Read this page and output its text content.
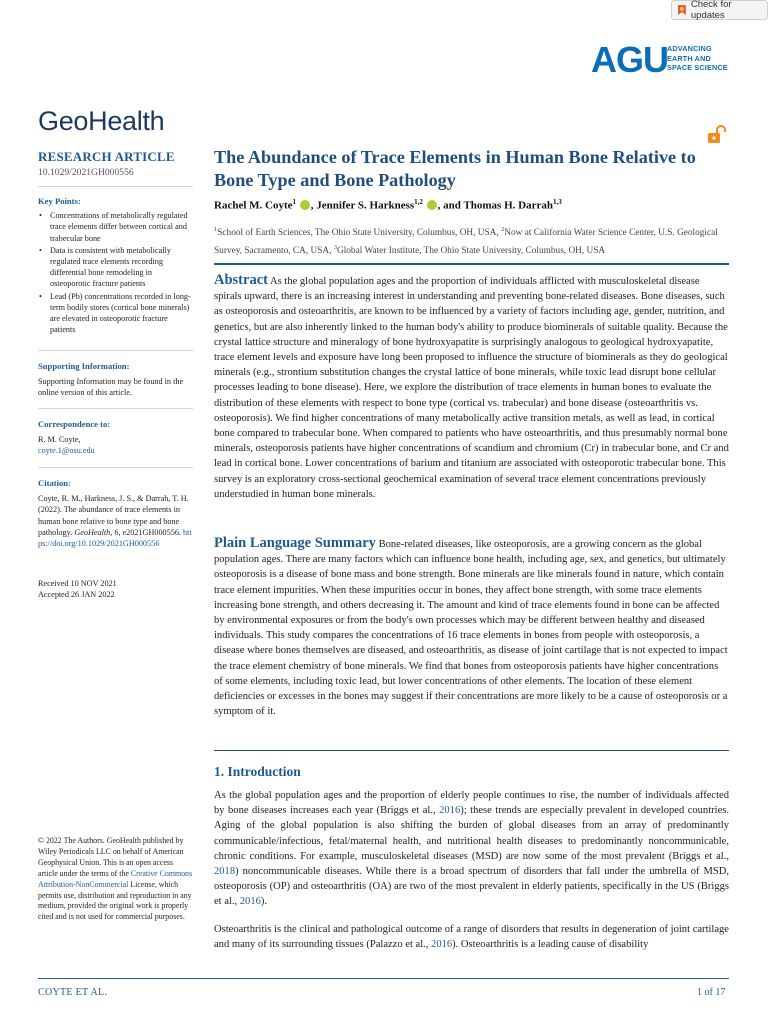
Check for updates
AGU ADVANCING
EARTH AND
SPACE SCIENCE
GeoHealth
RESEARCH ARTICLE
10.1029/2021GH000556
Key Points:
• Concentrations of metabolically regulated trace elements differ between cortical and trabecular bone
• Data is consistent with metabolically regulated trace elements recording differential bone remodeling in osteoporotic fracture patients
• Lead (Pb) concentrations recorded in long-term bodily stores (cortical bone minerals) are elevated in osteoporotic fracture patients
Supporting Information:
Supporting Information may be found in the online version of this article.
Correspondence to:
R. M. Coyte,
coyte.1@osu.edu
Citation:
Coyte, R. M., Harkness, J. S., & Darrah, T. H. (2022). The abundance of trace elements in human bone relative to bone type and bone pathology. GeoHealth, 6, e2021GH000556. https://doi.org/10.1029/2021GH000556
Received 10 NOV 2021
Accepted 26 JAN 2022
© 2022 The Authors. GeoHealth published by Wiley Periodicals LLC on behalf of American Geophysical Union. This is an open access article under the terms of the Creative Commons Attribution-NonCommercial License, which permits use, distribution and reproduction in any medium, provided the original work is properly cited and is not used for commercial purposes.
The Abundance of Trace Elements in Human Bone Relative to Bone Type and Bone Pathology
Rachel M. Coyte$^1$ , Jennifer S. Harkness$^{1,2}$ , and Thomas H. Darrah$^{1,3}$
$^1$School of Earth Sciences, The Ohio State University, Columbus, OH, USA, $^2$Now at California Water Science Center, U.S. Geological Survey, Sacramento, CA, USA, $^3$Global Water Institute, The Ohio State University, Columbus, OH, USA
Abstract As the global population ages and the proportion of individuals afflicted with musculoskeletal disease spirals upward, there is an increasing interest in understanding and preventing bone-related diseases. Bone diseases, such as osteoporosis and osteoarthritis, are known to be influenced by a variety of factors including age, gender, nutrition, and genetics, but are also inherently linked to the human body's ability to produce biominerals of suitable quality. Because the crystal lattice structure and mineralogy of bone hydroxyapatite is surprisingly analogous to geological hydroxyapatite, trace element levels and exposure have long been proposed to influence the structure of biominerals as they do geological minerals (e.g., strontium substitution changes the crystal lattice of bone minerals, while toxic lead disrupt bone cellular processes leading to bone disease). Here, we explore the distribution of trace elements in human bones to evaluate the distribution of these elements with respect to bone type (cortical vs. trabecular) and bone disease (osteoarthritis vs. osteoporosis). We find higher concentrations of many metabolically active transition metals, as well as lead, in cortical bone compared to trabecular bone. When compared to patients who have osteoarthritis, and thus presumably normal bone minerals, osteoporosis patients have higher concentrations of scandium and chromium (Cr) in trabecular bone, and Cr and lead in cortical bone. Lower concentrations of barium and titanium are associated with osteoporotic trabecular bone. This survey is an exploratory cross-sectional geochemical examination of several trace element concentrations previously understudied in human bone minerals.
Plain Language Summary Bone-related diseases, like osteoporosis, are a growing concern as the global population ages. There are many factors which can influence bone health, including age, sex, and genetics, but ultimately osteoporosis is a disease of bone mass and bone strength. Bone minerals are like minerals found in nature, which contain trace element impurities. When these impurities occur in bones, they affect bone strength, with some trace elements increasing bone strength, and others decreasing it. The amount and kind of trace elements found in bone can be affected by environmental exposures or from the body's own processes which may be different between healthy and diseased individuals. This study compares the concentrations of 16 trace elements in bones from people with osteoporosis, a disease where bones themselves are diseased, and osteoarthritis, as disease of joint cartilage that is not expected to impact the trace element chemistry of bone minerals. We find that bones from osteoporosis patients have higher concentrations of some elements, including toxic lead, but lower concentrations of other elements. The location of these element deficiencies or excesses in the bones may suggest if their concentrations are more likely to be a cause of osteoporosis or a symptom of it.
1. Introduction
As the global population ages and the proportion of elderly people continues to rise, the number of individuals affected by bone diseases increases each year (Briggs et al., 2016); these trends are especially prevalent in developed countries. Aging of the global population is also shifting the burden of global diseases from an array of predominantly communicable/infectious, fetal/maternal health, and nutritional health diseases to predominantly noncommunicable, chronic conditions. For example, musculoskeletal diseases (MSD) are now some of the most prevalent (Briggs et al., 2018) noncommunicable diseases. While there is a broad spectrum of disorders that fall under the umbrella of MSD, osteoporosis (OP) and osteoarthritis (OA) are two of the most prevalent in elderly patients, specifically in the US (Briggs et al., 2016).
Osteoarthritis is the clinical and pathological outcome of a range of disorders that results in degeneration of joint cartilage and many of its surrounding tissues (Palazzo et al., 2016). Osteoarthritis is a leading cause of disability
COYTE ET AL.	1 of 17
